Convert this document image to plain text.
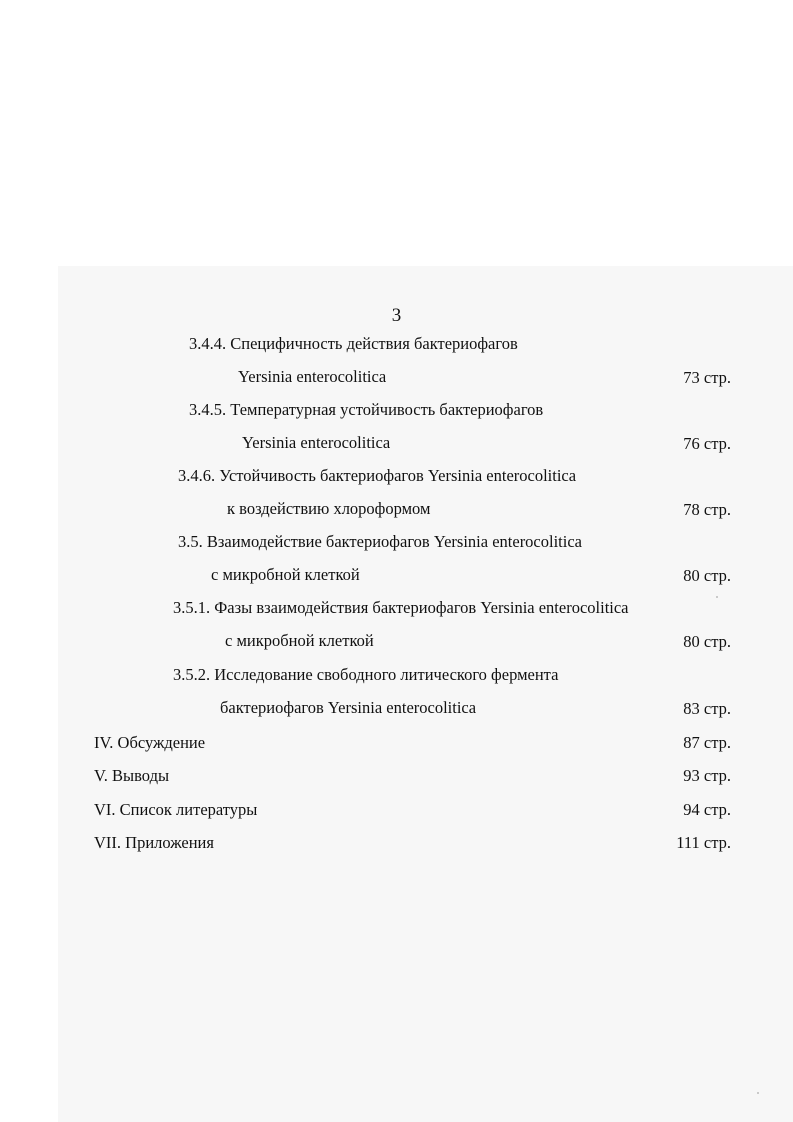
3
3.4.4. Специфичность действия бактериофагов
Yersinia enterocolitica	73 стр.
3.4.5. Температурная устойчивость бактериофагов
Yersinia enterocolitica	76 стр.
3.4.6. Устойчивость бактериофагов Yersinia enterocolitica
к воздействию хлороформом	78 стр.
3.5. Взаимодействие бактериофагов Yersinia enterocolitica
с микробной клеткой	80 стр.
3.5.1. Фазы взаимодействия бактериофагов Yersinia enterocolitica
с микробной клеткой	80 стр.
3.5.2. Исследование свободного литического фермента
бактериофагов Yersinia enterocolitica	83 стр.
IV. Обсуждение	87 стр.
V. Выводы	93 стр.
VI. Список литературы	94 стр.
VII. Приложения	111 стр.
